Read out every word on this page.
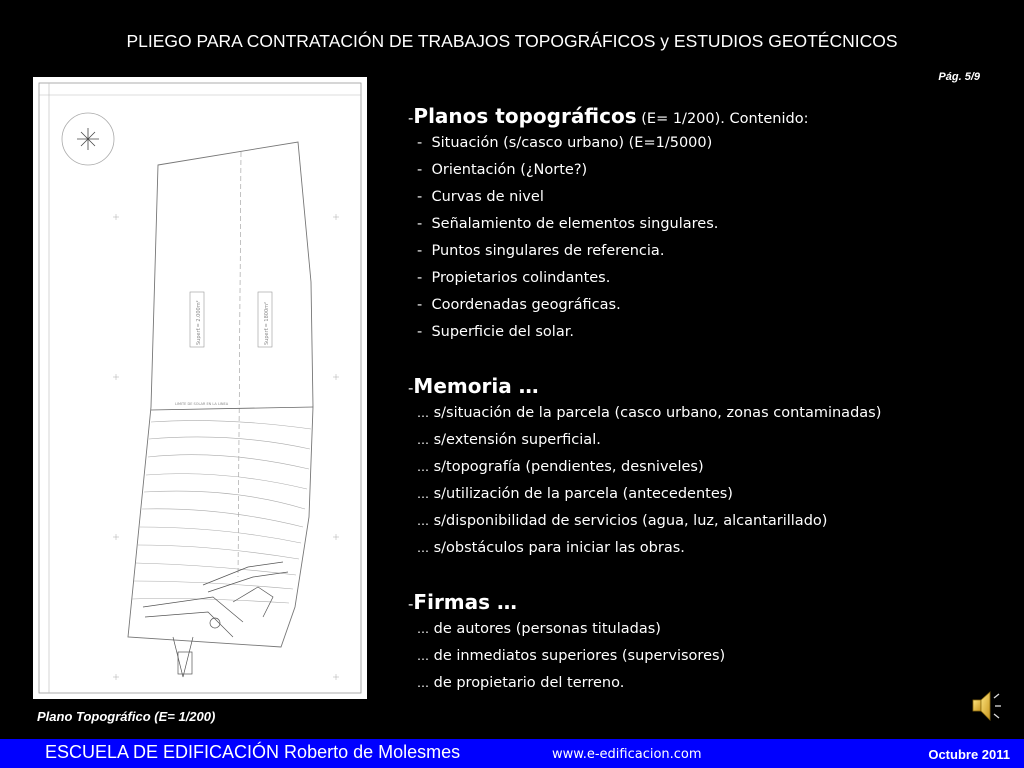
PLIEGO PARA CONTRATACIÓN DE TRABAJOS TOPOGRÁFICOS y ESTUDIOS GEOTÉCNICOS
Pág. 5/9
Superf.= 2.000m²	Superf.= 1800m²
LIMITE DE SOLAR EN LA LINEA
Plano Topográfico (E= 1/200)
-Planos topográficos (E= 1/200). Contenido:
- Situación (s/casco urbano) (E=1/5000)
- Orientación (¿Norte?)
- Curvas de nivel
- Señalamiento de elementos singulares.
- Puntos singulares de referencia.
- Propietarios colindantes.
- Coordenadas geográficas.
- Superficie del solar.
-Memoria …
… s/situación de la parcela (casco urbano, zonas contaminadas)
… s/extensión superficial.
… s/topografía (pendientes, desniveles)
… s/utilización de la parcela (antecedentes)
… s/disponibilidad de servicios (agua, luz, alcantarillado)
… s/obstáculos para iniciar las obras.
-Firmas …
… de autores (personas tituladas)
… de inmediatos superiores (supervisores)
… de propietario del terreno.
ESCUELA DE EDIFICACIÓN Roberto de Molesmes	www.e-edificacion.com	Octubre 2011
